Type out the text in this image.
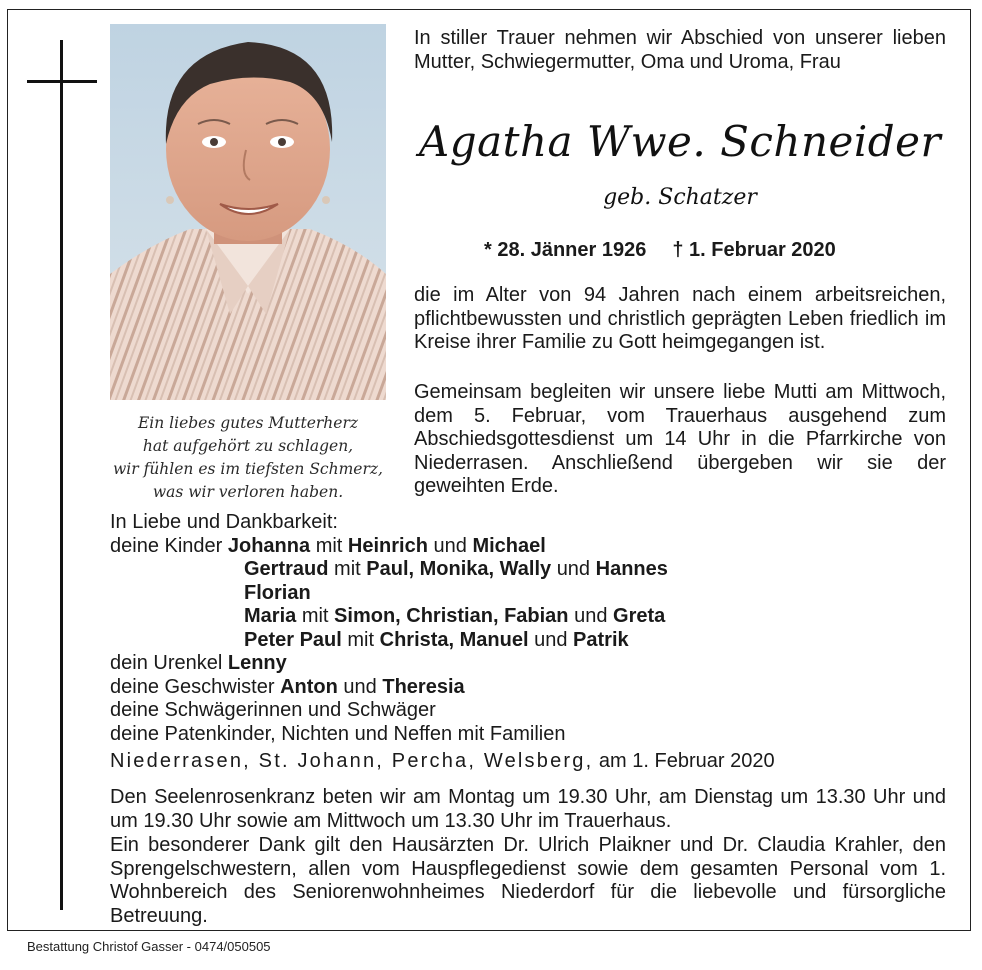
Ein liebes gutes Mutterherz
hat aufgehört zu schlagen,
wir fühlen es im tiefsten Schmerz,
was wir verloren haben.
In stiller Trauer nehmen wir Abschied von unserer lieben Mutter, Schwiegermutter, Oma und Uroma, Frau
Agatha Wwe. Schneider
geb. Schatzer
* 28. Jänner 1926 † 1. Februar 2020
die im Alter von 94 Jahren nach einem arbeitsreichen, pflichtbewussten und christlich geprägten Leben friedlich im Kreise ihrer Familie zu Gott heimgegangen ist.
Gemeinsam begleiten wir unsere liebe Mutti am Mittwoch, dem 5. Februar, vom Trauerhaus ausgehend zum Abschiedsgottesdienst um 14 Uhr in die Pfarrkirche von Niederrasen. Anschließend übergeben wir sie der geweihten Erde.
In Liebe und Dankbarkeit:
deine Kinder Johanna mit Heinrich und Michael
Gertraud mit Paul, Monika, Wally und Hannes
Florian
Maria mit Simon, Christian, Fabian und Greta
Peter Paul mit Christa, Manuel und Patrik
dein Urenkel Lenny
deine Geschwister Anton und Theresia
deine Schwägerinnen und Schwäger
deine Patenkinder, Nichten und Neffen mit Familien
Niederrasen, St. Johann, Percha, Welsberg, am 1. Februar 2020
Den Seelenrosenkranz beten wir am Montag um 19.30 Uhr, am Dienstag um 13.30 Uhr und um 19.30 Uhr sowie am Mittwoch um 13.30 Uhr im Trauerhaus.
Ein besonderer Dank gilt den Hausärzten Dr. Ulrich Plaikner und Dr. Claudia Krahler, den Sprengelschwestern, allen vom Hauspflegedienst sowie dem gesamten Personal vom 1. Wohnbereich des Seniorenwohnheimes Niederdorf für die liebevolle und fürsorgliche Betreuung.
Bestattung Christof Gasser - 0474/050505
